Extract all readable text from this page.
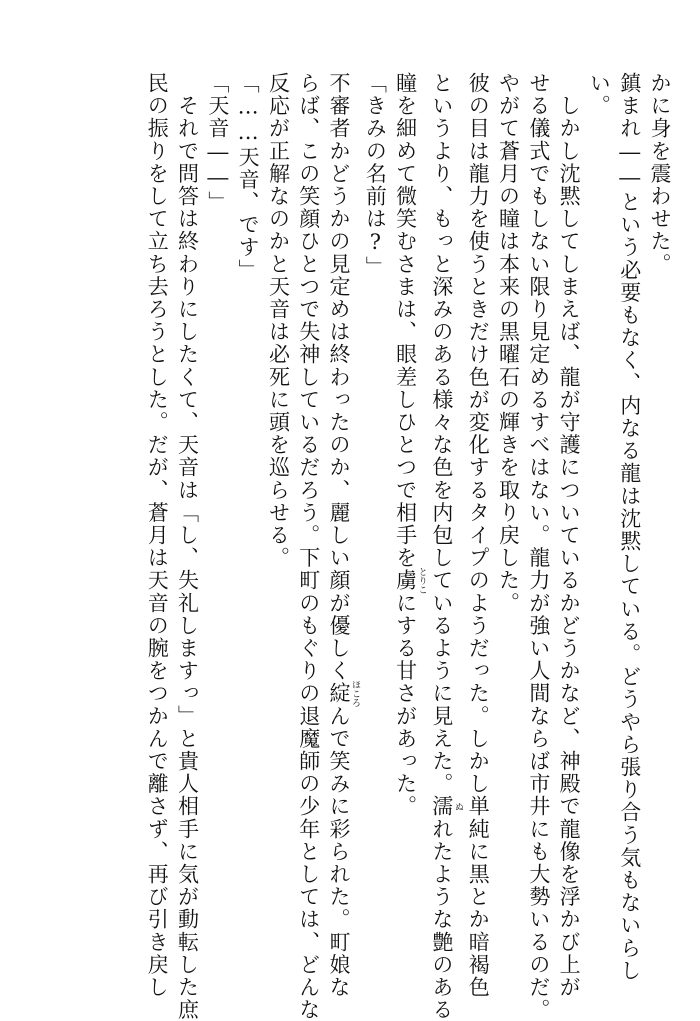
かに身を震わせた。
鎮まれ――という必要もなく、内なる龍は沈黙している。どうやら張り合う気もないらし
い。
　しかし沈黙してしまえば、龍が守護についているかどうかなど、神殿で龍像を浮かび上が
せる儀式でもしない限り見定めるすべはない。龍力が強い人間ならば市井にも大勢いるのだ。
やがて蒼月の瞳は本来の黒曜石の輝きを取り戻した。
彼の目は龍力を使うときだけ色が変化するタイプのようだった。しかし単純に黒とか暗褐色
というより、もっと深みのある様々な色を内包しているように見えた。濡 ぬれたような艶のある
瞳を細めて微笑むさまは、眼差しひとつで相手を虜 とりこにする甘さがあった。
「きみの名前は?」
不審者かどうかの見定めは終わったのか、麗しい顔が優しく綻 ほころんで笑みに彩られた。町娘な
らば、この笑顔ひとつで失神しているだろう。下町のもぐりの退魔師の少年としては、どんな
反応が正解なのかと天音は必死に頭を巡らせる。
「……天音、です」
「天音――」
　それで問答は終わりにしたくて、天音は「し、失礼しますっ」と貴人相手に気が動転した庶
民の振りをして立ち去ろうとした。だが、蒼月は天音の腕をつかんで離さず、再び引き戻し
